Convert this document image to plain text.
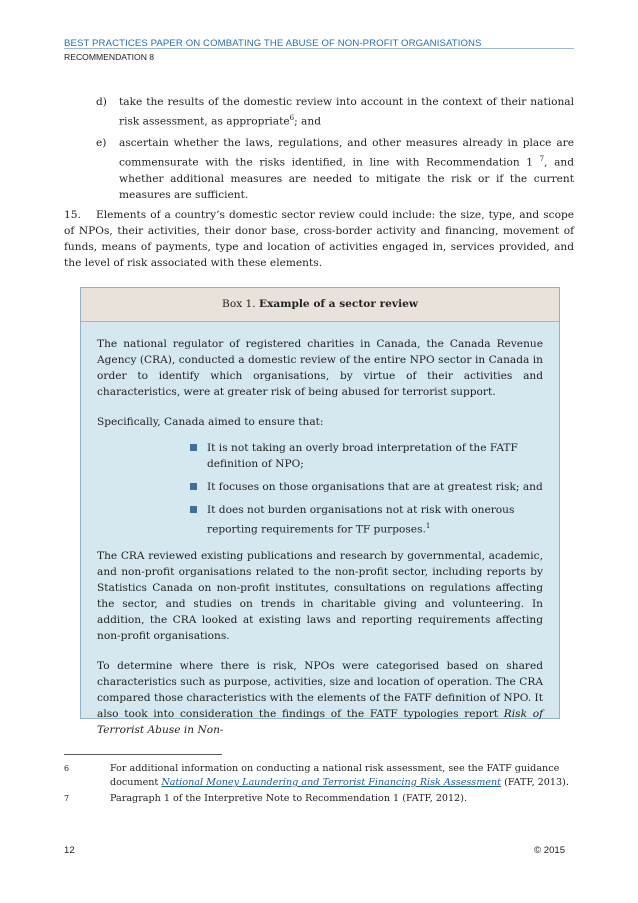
BEST PRACTICES PAPER ON COMBATING THE ABUSE OF NON-PROFIT ORGANISATIONS
RECOMMENDATION 8
d) take the results of the domestic review into account in the context of their national risk assessment, as appropriate$^6$; and
e) ascertain whether the laws, regulations, and other measures already in place are commensurate with the risks identified, in line with Recommendation 1 $^7$, and whether additional measures are needed to mitigate the risk or if the current measures are sufficient.
15. Elements of a country’s domestic sector review could include: the size, type, and scope of NPOs, their activities, their donor base, cross-border activity and financing, movement of funds, means of payments, type and location of activities engaged in, services provided, and the level of risk associated with these elements.
Box 1. Example of a sector review

The national regulator of registered charities in Canada, the Canada Revenue Agency (CRA), conducted a domestic review of the entire NPO sector in Canada in order to identify which organisations, by virtue of their activities and characteristics, were at greater risk of being abused for terrorist support.

Specifically, Canada aimed to ensure that:

It is not taking an overly broad interpretation of the FATF definition of NPO;
It focuses on those organisations that are at greatest risk; and
It does not burden organisations not at risk with onerous reporting requirements for TF purposes.$^1$

The CRA reviewed existing publications and research by governmental, academic, and non-profit organisations related to the non-profit sector, including reports by Statistics Canada on non-profit institutes, consultations on regulations affecting the sector, and studies on trends in charitable giving and volunteering. In addition, the CRA looked at existing laws and reporting requirements affecting non-profit organisations.

To determine where there is risk, NPOs were categorised based on shared characteristics such as purpose, activities, size and location of operation. The CRA compared those characteristics with the elements of the FATF definition of NPO. It also took into consideration the findings of the FATF typologies report Risk of Terrorist Abuse in Non-

6	For additional information on conducting a national risk assessment, see the FATF guidance document National Money Laundering and Terrorist Financing Risk Assessment (FATF, 2013).
7	Paragraph 1 of the Interpretive Note to Recommendation 1 (FATF, 2012).
12	© 2015
